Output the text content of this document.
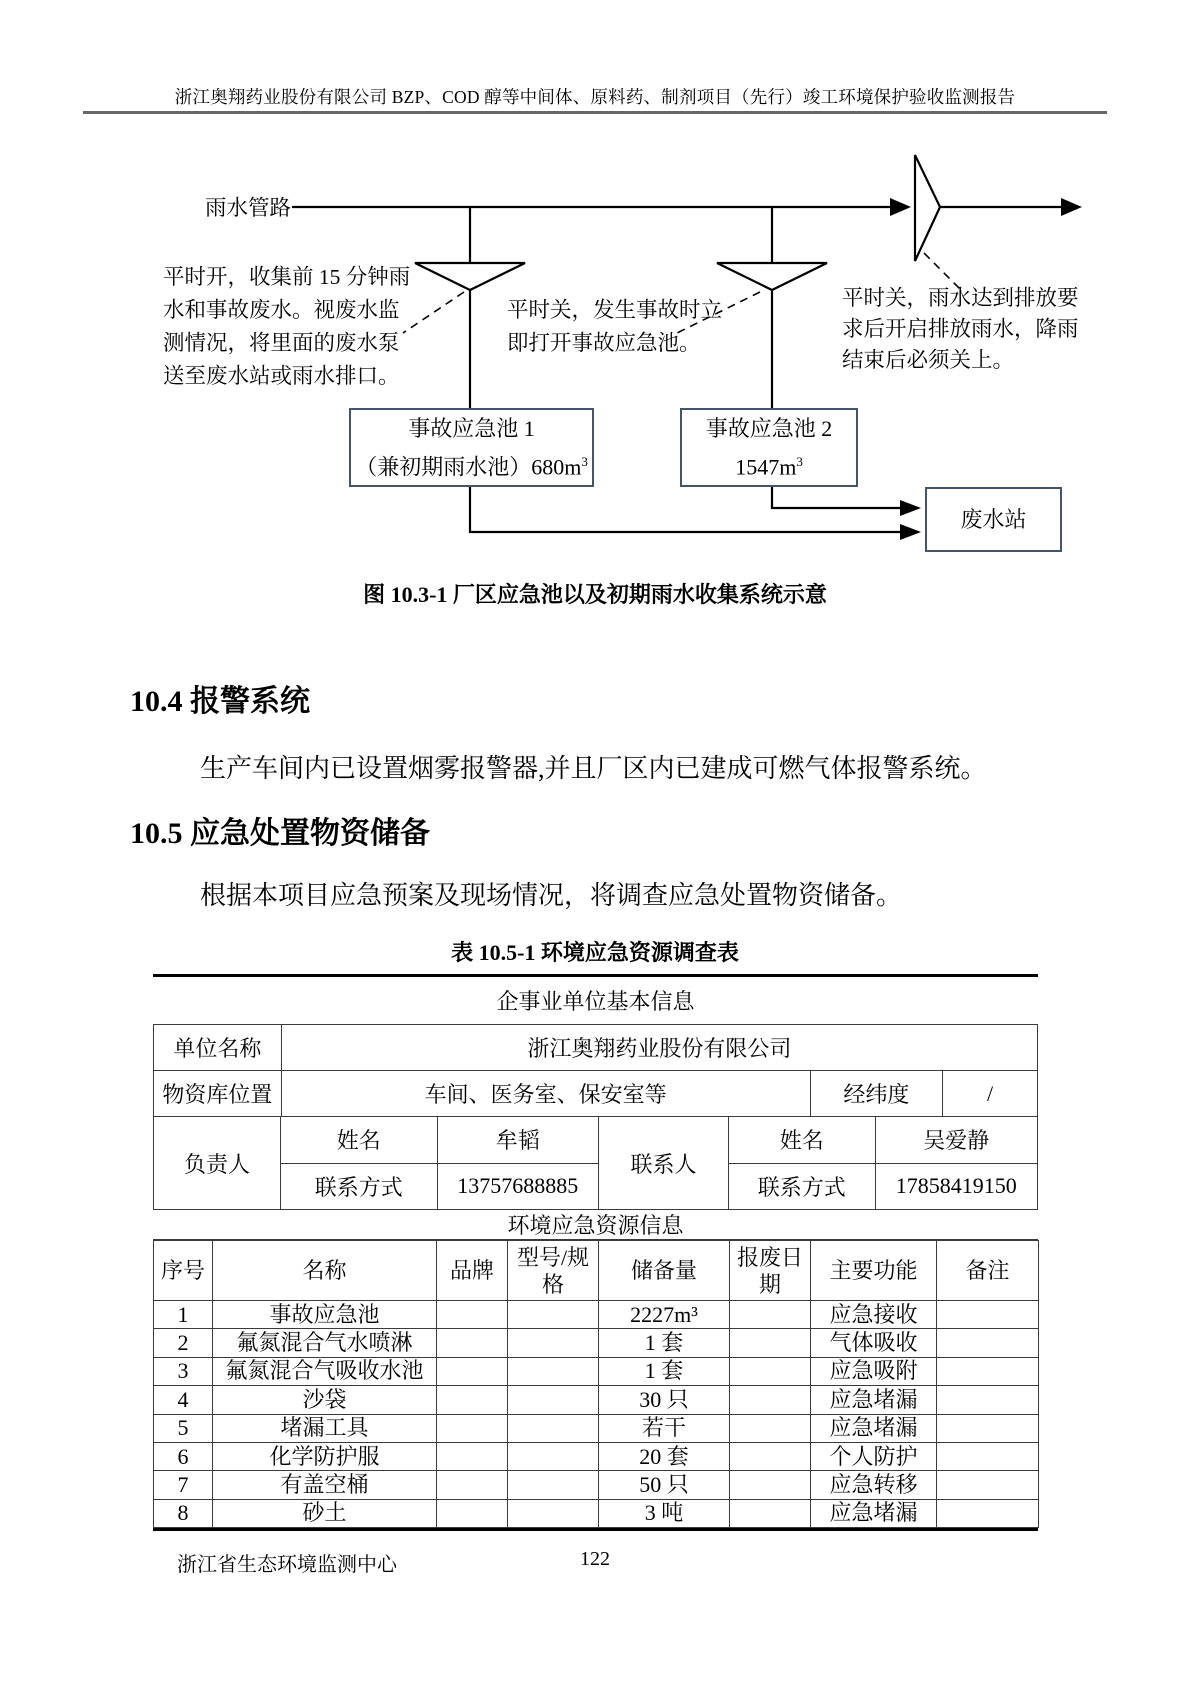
浙江奥翔药业股份有限公司 BZP、COD 醇等中间体、原料药、制剂项目（先行）竣工环境保护验收监测报告
雨水管路
平时开，收集前 15 分钟雨
水和事故废水。视废水监
测情况，将里面的废水泵
送至废水站或雨水排口。
平时关，发生事故时立
即打开事故应急池。
平时关，雨水达到排放要
求后开启排放雨水，降雨
结束后必须关上。
事故应急池 1
（兼初期雨水池）$680m^3$
事故应急池 2
$1547m^3$
废水站
图 10.3-1 厂区应急池以及初期雨水收集系统示意
10.4 报警系统
生产车间内已设置烟雾报警器,并且厂区内已建成可燃气体报警系统。
10.5 应急处置物资储备
根据本项目应急预案及现场情况，将调查应急处置物资储备。
表 10.5-1 环境应急资源调查表
企事业单位基本信息
单位名称	浙江奥翔药业股份有限公司
物资库位置	车间、医务室、保安室等	经纬度	/
负责人
姓名	牟韬
联系方式	13757688885
联系人
姓名	吴爱静
联系方式	17858419150
环境应急资源信息
序号	名称	品牌	型号/规格	储备量	报废日期	主要功能	备注
1	事故应急池			2227m³		应急接收	
2	氟氮混合气水喷淋			1 套		气体吸收	
3	氟氮混合气吸收水池			1 套		应急吸附	
4	沙袋			30 只		应急堵漏	
5	堵漏工具			若干		应急堵漏	
6	化学防护服			20 套		个人防护	
7	有盖空桶			50 只		应急转移	
8	砂土			3 吨		应急堵漏	
浙江省生态环境监测中心	122
